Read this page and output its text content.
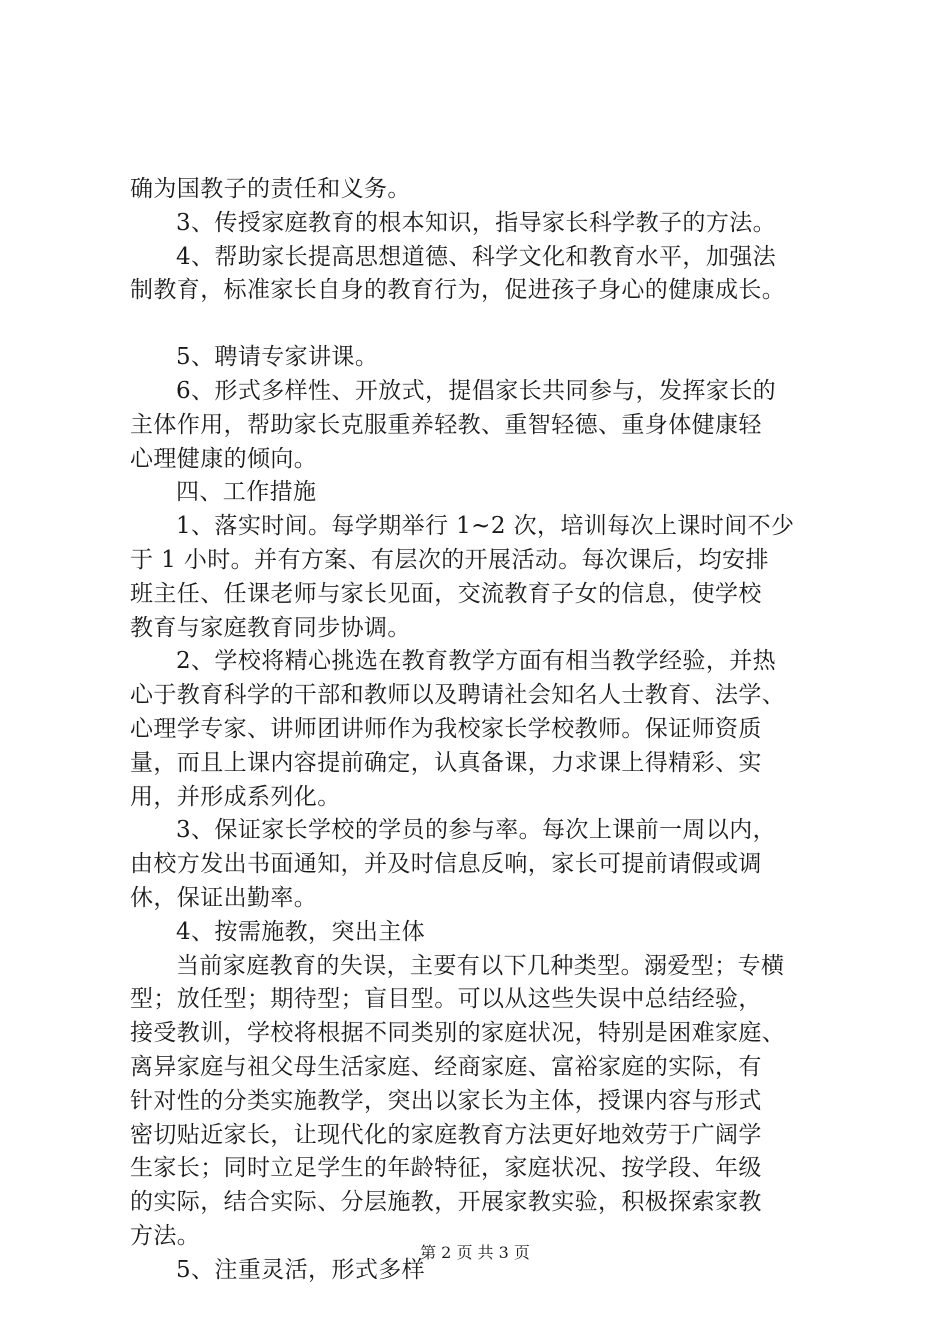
确为国教子的责任和义务。
3、传授家庭教育的根本知识，指导家长科学教子的方法。
4、帮助家长提高思想道德、科学文化和教育水平，加强法
制教育，标准家长自身的教育行为，促进孩子身心的健康成长。
5、聘请专家讲课。
6、形式多样性、开放式，提倡家长共同参与，发挥家长的
主体作用，帮助家长克服重养轻教、重智轻德、重身体健康轻
心理健康的倾向。
四、工作措施
1、落实时间。每学期举行 1~2 次，培训每次上课时间不少
于 1 小时。并有方案、有层次的开展活动。每次课后，均安排
班主任、任课老师与家长见面，交流教育子女的信息，使学校
教育与家庭教育同步协调。
2、学校将精心挑选在教育教学方面有相当教学经验，并热
心于教育科学的干部和教师以及聘请社会知名人士教育、法学、
心理学专家、讲师团讲师作为我校家长学校教师。保证师资质
量，而且上课内容提前确定，认真备课，力求课上得精彩、实
用，并形成系列化。
3、保证家长学校的学员的参与率。每次上课前一周以内，
由校方发出书面通知，并及时信息反响，家长可提前请假或调
休，保证出勤率。
4、按需施教，突出主体
当前家庭教育的失误，主要有以下几种类型。溺爱型；专横
型；放任型；期待型；盲目型。可以从这些失误中总结经验，
接受教训，学校将根据不同类别的家庭状况，特别是困难家庭、
离异家庭与祖父母生活家庭、经商家庭、富裕家庭的实际，有
针对性的分类实施教学，突出以家长为主体，授课内容与形式
密切贴近家长，让现代化的家庭教育方法更好地效劳于广阔学
生家长；同时立足学生的年龄特征，家庭状况、按学段、年级
的实际，结合实际、分层施教，开展家教实验，积极探索家教
方法。
5、注重灵活，形式多样
第 2 页 共 3 页
